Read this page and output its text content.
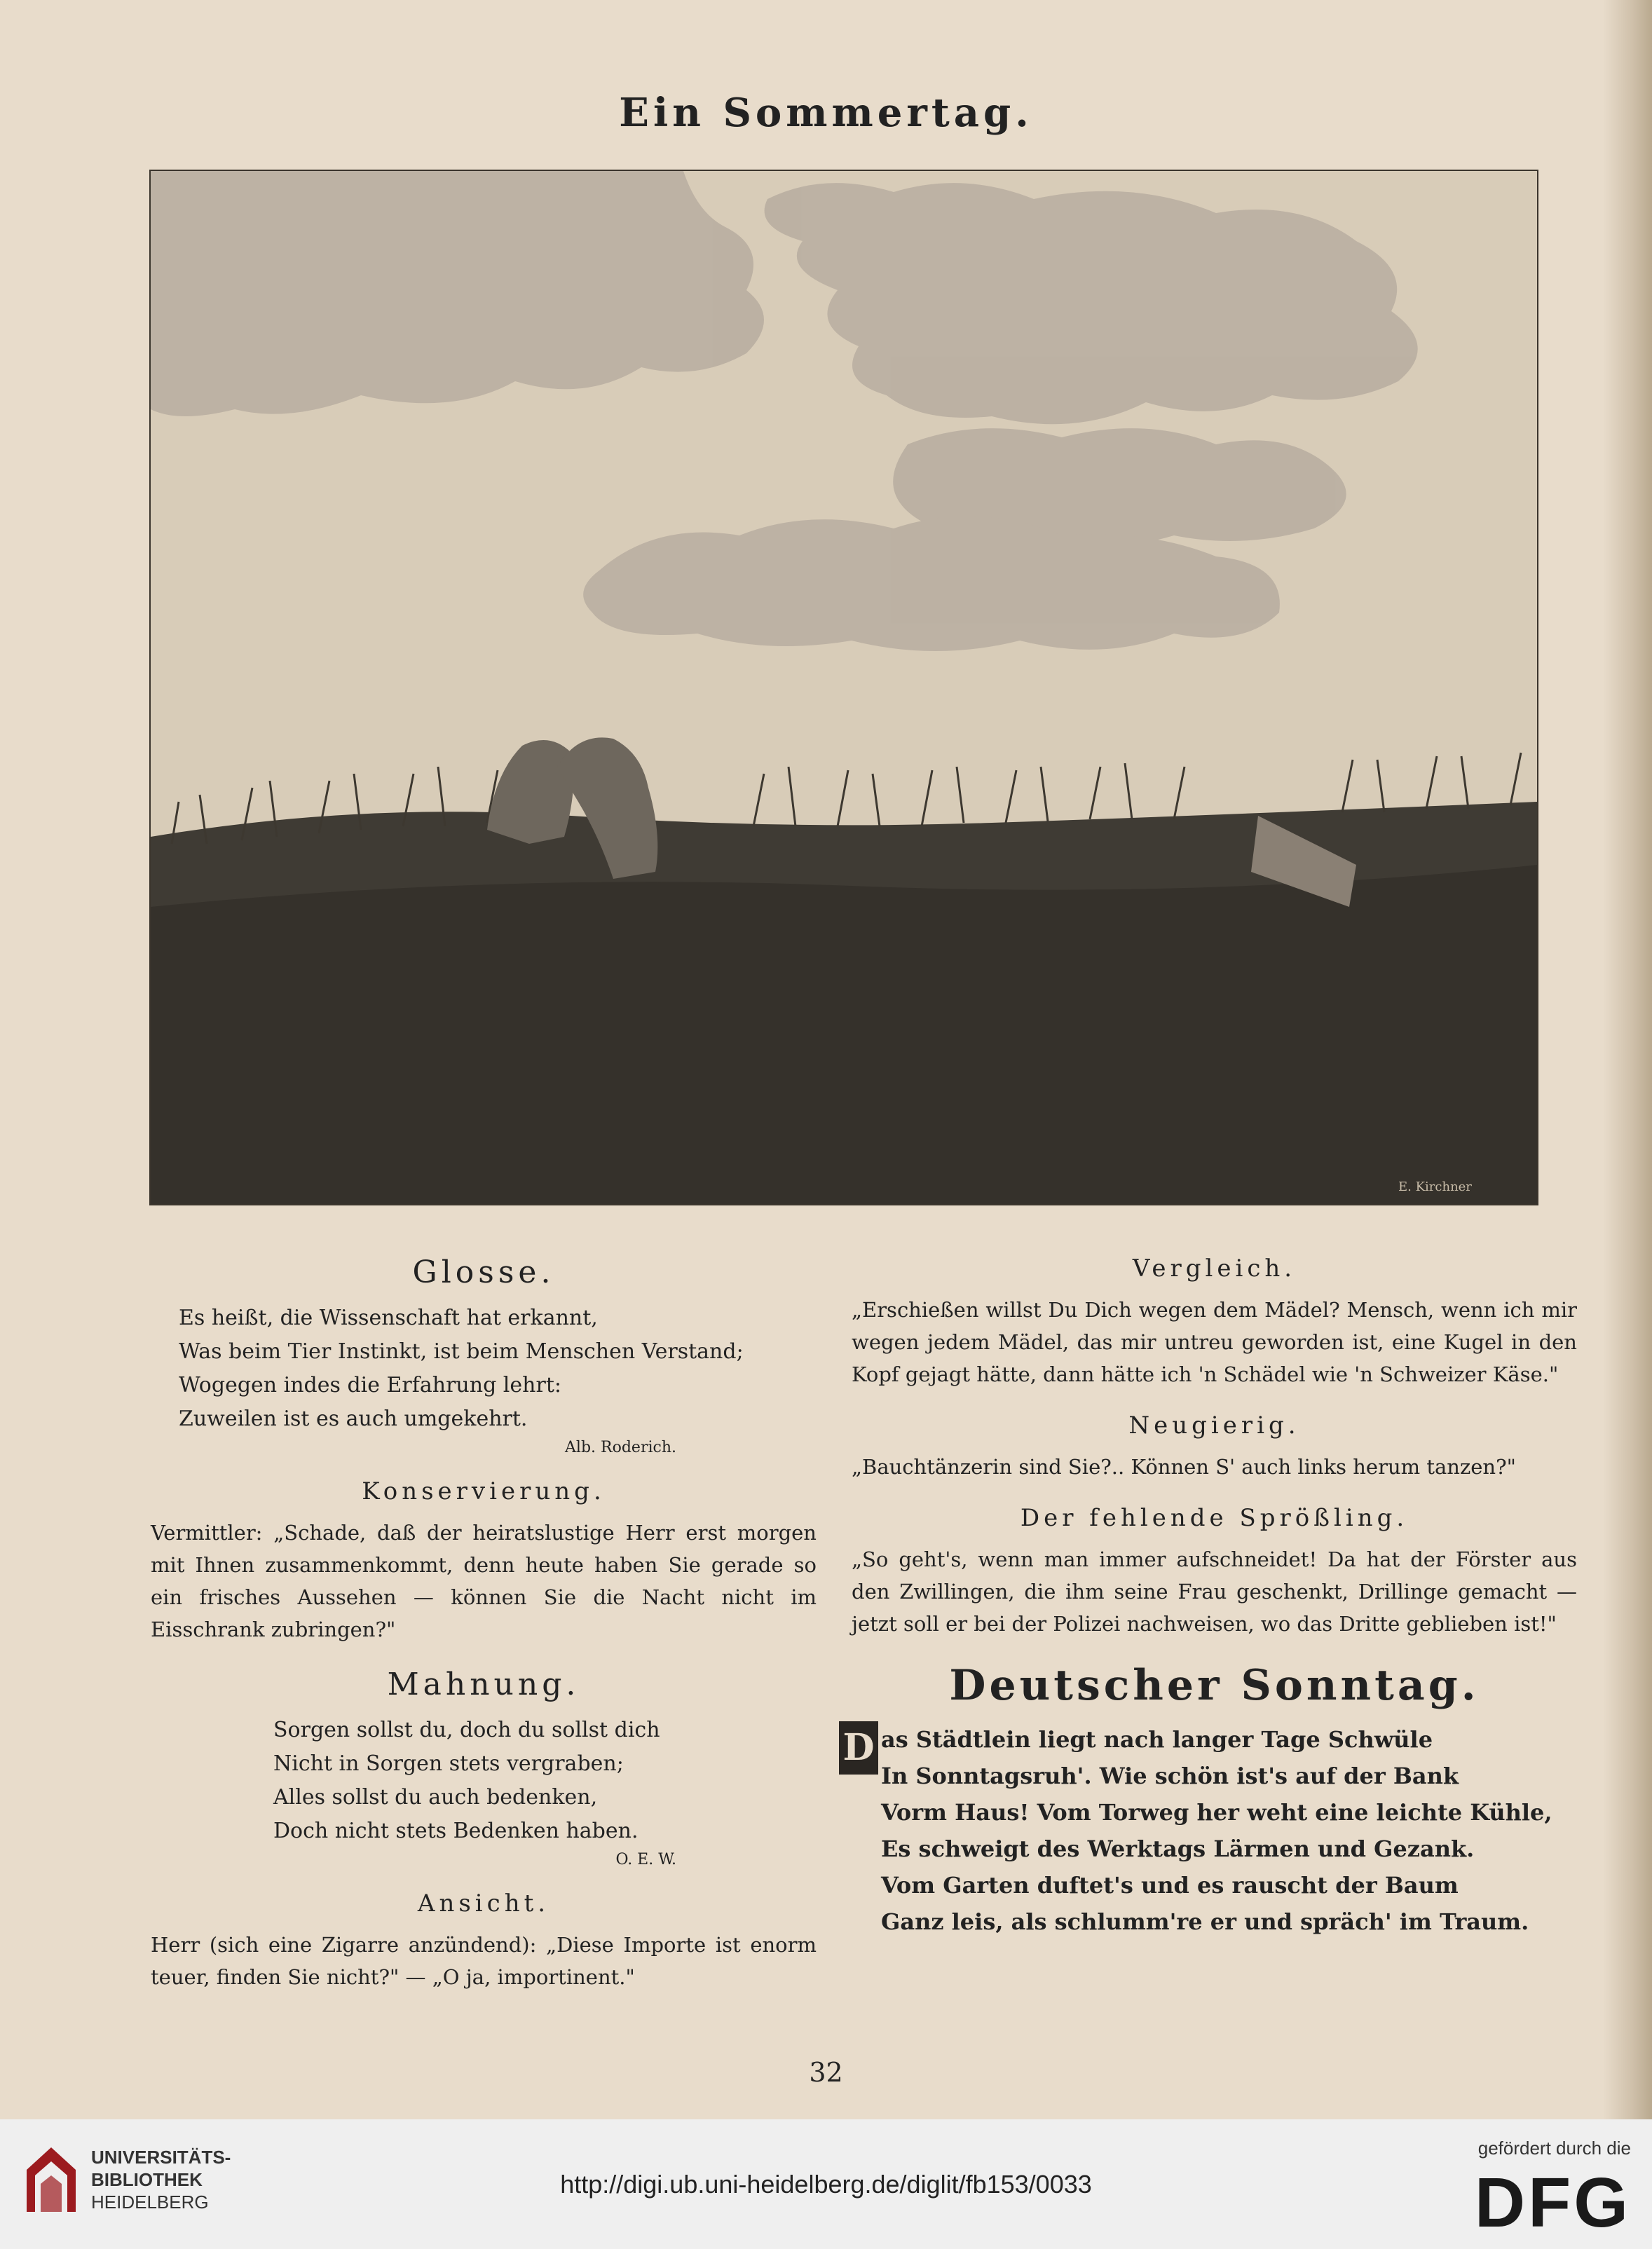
Ein Sommertag.
E. Kirchner
Glosse.
Es heißt, die Wissenschaft hat erkannt,
Was beim Tier Instinkt, ist beim Menschen Verstand;
Wogegen indes die Erfahrung lehrt:
Zuweilen ist es auch umgekehrt.

Alb. Roderich.

Konservierung.

Vermittler: „Schade, daß der heiratslustige Herr erst morgen mit Ihnen zusammenkommt, denn heute haben Sie gerade so ein frisches Aussehen — können Sie die Nacht nicht im Eisschrank zubringen?"

Mahnung.
Sorgen sollst du, doch du sollst dich
Nicht in Sorgen stets vergraben;
Alles sollst du auch bedenken,
Doch nicht stets Bedenken haben.

O. E. W.

Ansicht.

Herr (sich eine Zigarre anzündend): „Diese Importe ist enorm teuer, finden Sie nicht?" — „O ja, importinent."

Vergleich.

„Erschießen willst Du Dich wegen dem Mädel? Mensch, wenn ich mir wegen jedem Mädel, das mir untreu geworden ist, eine Kugel in den Kopf gejagt hätte, dann hätte ich 'n Schädel wie 'n Schweizer Käse."

Neugierig.

„Bauchtänzerin sind Sie?.. Können S' auch links herum tanzen?"

Der fehlende Sprößling.

„So geht's, wenn man immer aufschneidet! Da hat der Förster aus den Zwillingen, die ihm seine Frau geschenkt, Drillinge gemacht — jetzt soll er bei der Polizei nachweisen, wo das Dritte geblieben ist!"

Deutscher Sonntag.
D as Städtlein liegt nach langer Tage Schwüle
In Sonntagsruh'. Wie schön ist's auf der Bank
Vorm Haus! Vom Torweg her weht eine leichte Kühle,
Es schweigt des Werktags Lärmen und Gezank.
Vom Garten duftet's und es rauscht der Baum
Ganz leis, als schlumm're er und spräch' im Traum.
32
UNIVERSITÄTS-
BIBLIOTHEK
HEIDELBERG
http://digi.ub.uni-heidelberg.de/diglit/fb153/0033
gefördert durch die
DFG
